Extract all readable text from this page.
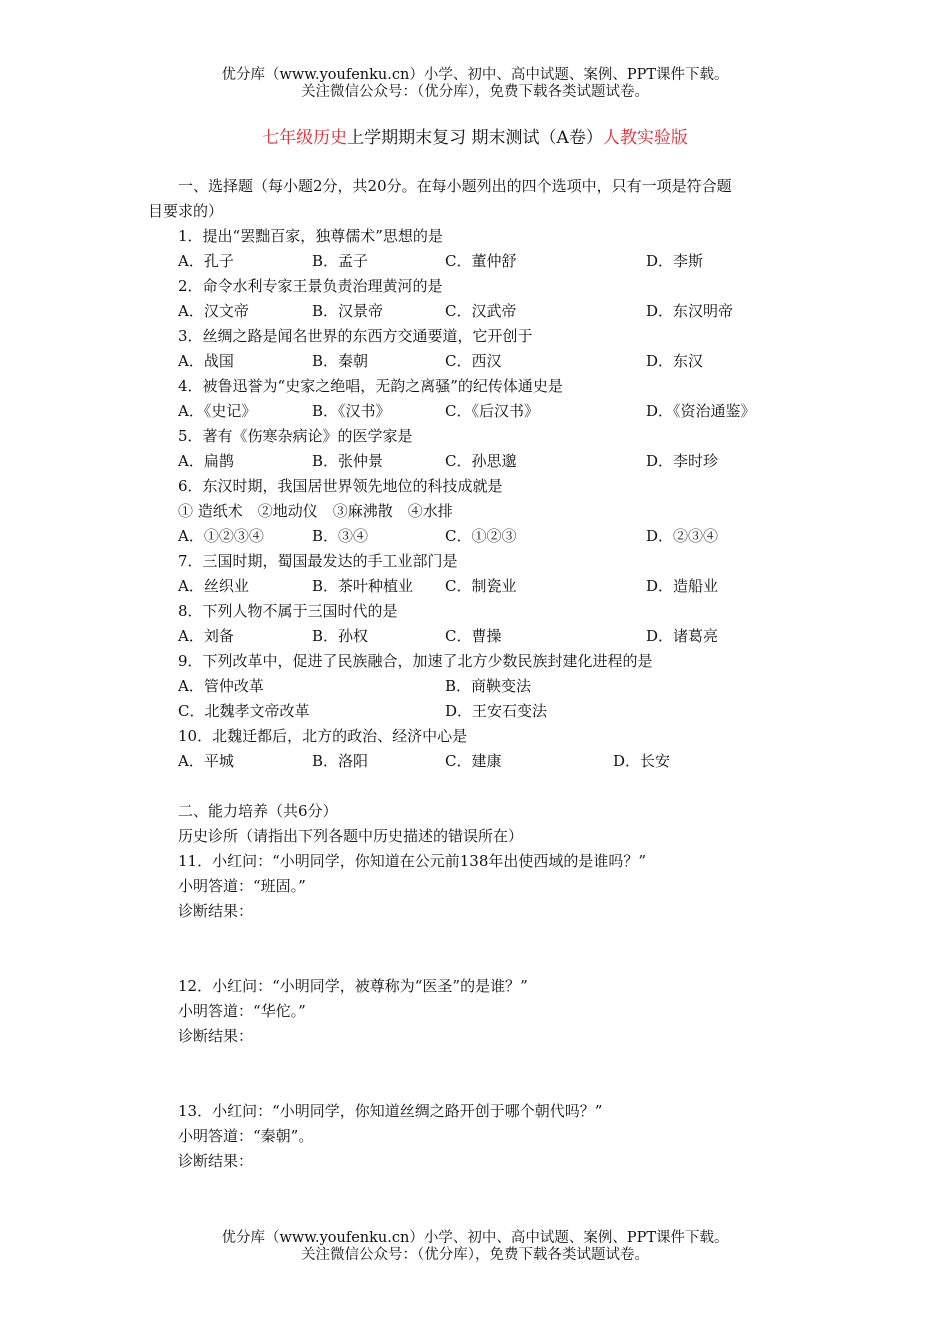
优分库（www.youfenku.cn）小学、初中、高中试题、案例、PPT课件下载。
关注微信公众号：（优分库），免费下载各类试题试卷。
七年级历史上学期期末复习 期末测试（A卷）人教实验版
一、选择题（每小题2分，共20分。在每小题列出的四个选项中，只有一项是符合题
目要求的）
1．提出“罢黜百家，独尊儒术”思想的是
A．孔子	B．孟子	C．董仲舒	D．李斯
2．命令水利专家王景负责治理黄河的是
A．汉文帝	B．汉景帝	C．汉武帝	D．东汉明帝
3．丝绸之路是闻名世界的东西方交通要道，它开创于
A．战国	B．秦朝	C．西汉	D．东汉
4．被鲁迅誉为“史家之绝唱，无韵之离骚”的纪传体通史是
A．《史记》	B．《汉书》	C．《后汉书》	D．《资治通鉴》
5．著有《伤寒杂病论》的医学家是
A．扁鹊	B．张仲景	C．孙思邈	D．李时珍
6．东汉时期，我国居世界领先地位的科技成就是
① 造纸术　②地动仪　③麻沸散　④水排
A．①②③④	B．③④	C．①②③	D．②③④
7．三国时期，蜀国最发达的手工业部门是
A．丝织业	B．茶叶种植业 C．制瓷业	D．造船业
8．下列人物不属于三国时代的是
A．刘备	B．孙权	C．曹操	D．诸葛亮
9．下列改革中，促进了民族融合，加速了北方少数民族封建化进程的是
A．管仲改革	B．商鞅变法
C．北魏孝文帝改革	D．王安石变法
10．北魏迁都后，北方的政治、经济中心是
A．平城	B．洛阳	C．建康	D．长安
二、能力培养（共6分）
历史诊所（请指出下列各题中历史描述的错误所在）
11．小红问：“小明同学，你知道在公元前138年出使西域的是谁吗？”
小明答道：“班固。”
诊断结果：
12．小红问：“小明同学，被尊称为“医圣”的是谁？”
小明答道：“华佗。”
诊断结果：
13．小红问：“小明同学，你知道丝绸之路开创于哪个朝代吗？”
小明答道：“秦朝”。
诊断结果：
优分库（www.youfenku.cn）小学、初中、高中试题、案例、PPT课件下载。
关注微信公众号：（优分库），免费下载各类试题试卷。
